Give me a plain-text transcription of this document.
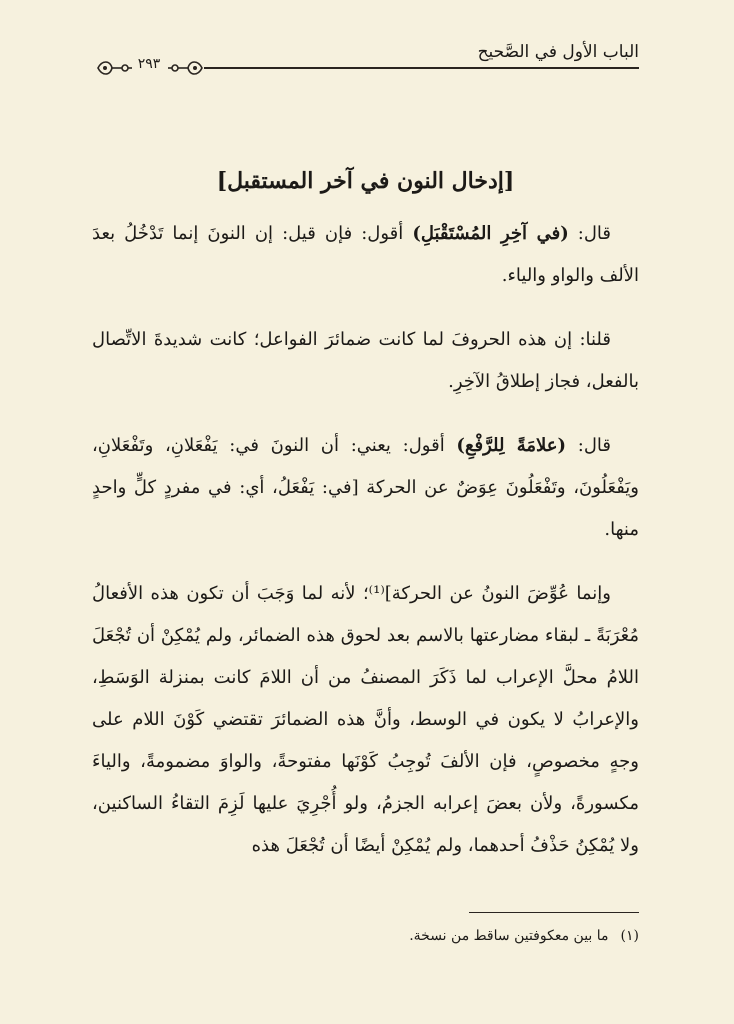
الباب الأول في الصَّحيح
٢٩٣
[إدخال النون في آخر المستقبل]

قال: (في آخِرِ المُسْتَقْبَلِ) أقول: فإن قيل: إن النونَ إنما تَدْخُلُ بعدَ الألف والواو والياء.

قلنا: إن هذه الحروفَ لما كانت ضمائرَ الفواعل؛ كانت شديدةَ الاتِّصال بالفعل، فجاز إطلاقُ الآخِرِ.

قال: (علامَةً لِلرَّفْعِ) أقول: يعني: أن النونَ في: يَفْعَلانِ، وتَفْعَلانِ، ويَفْعَلُونَ، وتَفْعَلُونَ عِوَضٌ عن الحركة [في: يَفْعَلُ، أي: في مفردٍ كلٍّ واحدٍ منها.

وإنما عُوِّضَ النونُ عن الحركة]⁽¹⁾؛ لأنه لما وَجَبَ أن تكون هذه الأفعالُ مُعْرَبَةً ـ لبقاء مضارعتها بالاسم بعد لحوق هذه الضمائر، ولم يُمْكِنْ أن تُجْعَلَ اللامُ محلَّ الإعراب لما ذَكَرَ المصنفُ من أن اللامَ كانت بمنزلة الوَسَطِ، والإعرابُ لا يكون في الوسط، وأنَّ هذه الضمائرَ تقتضي كَوْنَ اللام على وجهٍ مخصوصٍ، فإن الألفَ تُوجِبُ كَوْنَها مفتوحةً، والواوَ مضمومةً، والياءَ مكسورةً، ولأن بعضَ إعرابه الجزمُ، ولو أُجْرِيَ عليها لَزِمَ التقاءُ الساكنين، ولا يُمْكِنُ حَذْفُ أحدهما، ولم يُمْكِنْ أيضًا أن تُجْعَلَ هذه

(١)ما بين معكوفتين ساقط من نسخة.
